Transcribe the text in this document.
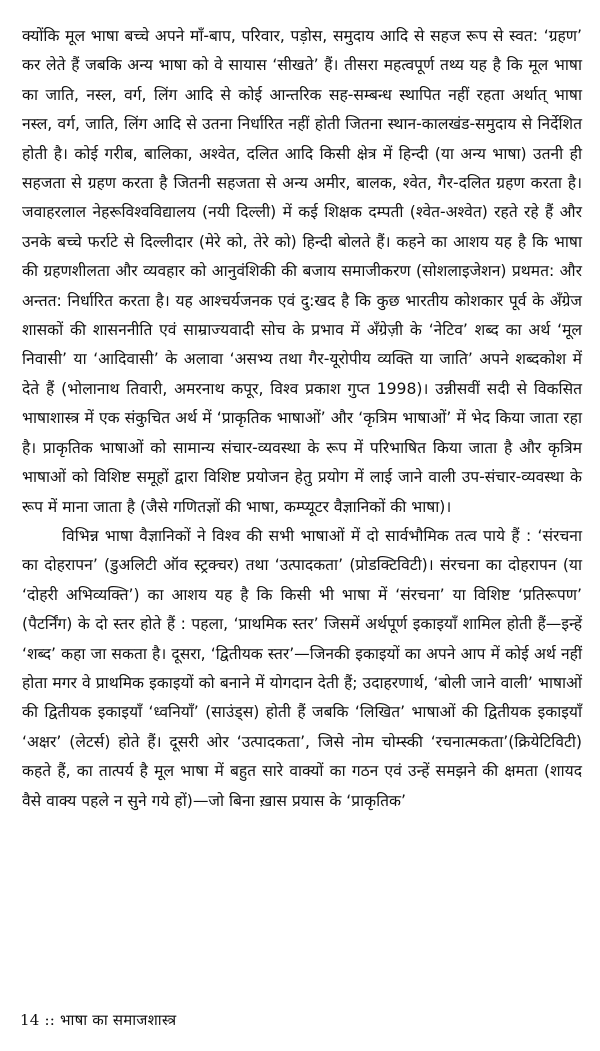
क्योंकि मूल भाषा बच्चे अपने माँ-बाप, परिवार, पड़ोस, समुदाय आदि से सहज रूप से स्वत: ‘ग्रहण’ कर लेते हैं जबकि अन्य भाषा को वे सायास ‘सीखते’ हैं। तीसरा महत्वपूर्ण तथ्य यह है कि मूल भाषा का जाति, नस्ल, वर्ग, लिंग आदि से कोई आन्तरिक सह-सम्बन्ध स्थापित नहीं रहता अर्थात् भाषा नस्ल, वर्ग, जाति, लिंग आदि से उतना निर्धारित नहीं होती जितना स्थान-कालखंड-समुदाय से निर्देशित होती है। कोई गरीब, बालिका, अश्वेत, दलित आदि किसी क्षेत्र में हिन्दी (या अन्य भाषा) उतनी ही सहजता से ग्रहण करता है जितनी सहजता से अन्य अमीर, बालक, श्वेत, गैर-दलित ग्रहण करता है। जवाहरलाल नेहरूविश्वविद्यालय (नयी दिल्ली) में कई शिक्षक दम्पती (श्वेत-अश्वेत) रहते रहे हैं और उनके बच्चे फर्राटे से दिल्लीदार (मेरे को, तेरे को) हिन्दी बोलते हैं। कहने का आशय यह है कि भाषा की ग्रहणशीलता और व्यवहार को आनुवंशिकी की बजाय समाजीकरण (सोशलाइजेशन) प्रथमत: और अन्तत: निर्धारित करता है। यह आश्चर्यजनक एवं दु:खद है कि कुछ भारतीय कोशकार पूर्व के अँग्रेज शासकों की शासननीति एवं साम्राज्यवादी सोच के प्रभाव में अँग्रेज़ी के ‘नेटिव’ शब्द का अर्थ ‘मूल निवासी’ या ‘आदिवासी’ के अलावा ‘असभ्य तथा गैर-यूरोपीय व्यक्ति या जाति’ अपने शब्दकोश में देते हैं (भोलानाथ तिवारी, अमरनाथ कपूर, विश्व प्रकाश गुप्त 1998)। उन्नीसवीं सदी से विकसित भाषाशास्त्र में एक संकुचित अर्थ में ‘प्राकृतिक भाषाओं’ और ‘कृत्रिम भाषाओं’ में भेद किया जाता रहा है। प्राकृतिक भाषाओं को सामान्य संचार-व्यवस्था के रूप में परिभाषित किया जाता है और कृत्रिम भाषाओं को विशिष्ट समूहों द्वारा विशिष्ट प्रयोजन हेतु प्रयोग में लाई जाने वाली उप-संचार-व्यवस्था के रूप में माना जाता है (जैसे गणितज्ञों की भाषा, कम्प्यूटर वैज्ञानिकों की भाषा)।

विभिन्न भाषा वैज्ञानिकों ने विश्व की सभी भाषाओं में दो सार्वभौमिक तत्व पाये हैं : ‘संरचना का दोहरापन’ (डुअलिटी ऑव स्ट्रक्चर) तथा ‘उत्पादकता’ (प्रोडक्टिविटी)। संरचना का दोहरापन (या ‘दोहरी अभिव्यक्ति’) का आशय यह है कि किसी भी भाषा में ‘संरचना’ या विशिष्ट ‘प्रतिरूपण’ (पैटर्निंग) के दो स्तर होते हैं : पहला, ‘प्राथमिक स्तर’ जिसमें अर्थपूर्ण इकाइयाँ शामिल होती हैं—इन्हें ‘शब्द’ कहा जा सकता है। दूसरा, ‘द्वितीयक स्तर’—जिनकी इकाइयों का अपने आप में कोई अर्थ नहीं होता मगर वे प्राथमिक इकाइयों को बनाने में योगदान देती हैं; उदाहरणार्थ, ‘बोली जाने वाली’ भाषाओं की द्वितीयक इकाइयाँ ‘ध्वनियाँ’ (साउंड्स) होती हैं जबकि ‘लिखित’ भाषाओं की द्वितीयक इकाइयाँ ‘अक्षर’ (लेटर्स) होते हैं। दूसरी ओर ‘उत्पादकता’, जिसे नोम चोम्स्की ‘रचनात्मकता’(क्रियेटिविटी) कहते हैं, का तात्पर्य है मूल भाषा में बहुत सारे वाक्यों का गठन एवं उन्हें समझने की क्षमता (शायद वैसे वाक्य पहले न सुने गये हों)—जो बिना ख़ास प्रयास के ‘प्राकृतिक’

14 :: भाषा का समाजशास्त्र
